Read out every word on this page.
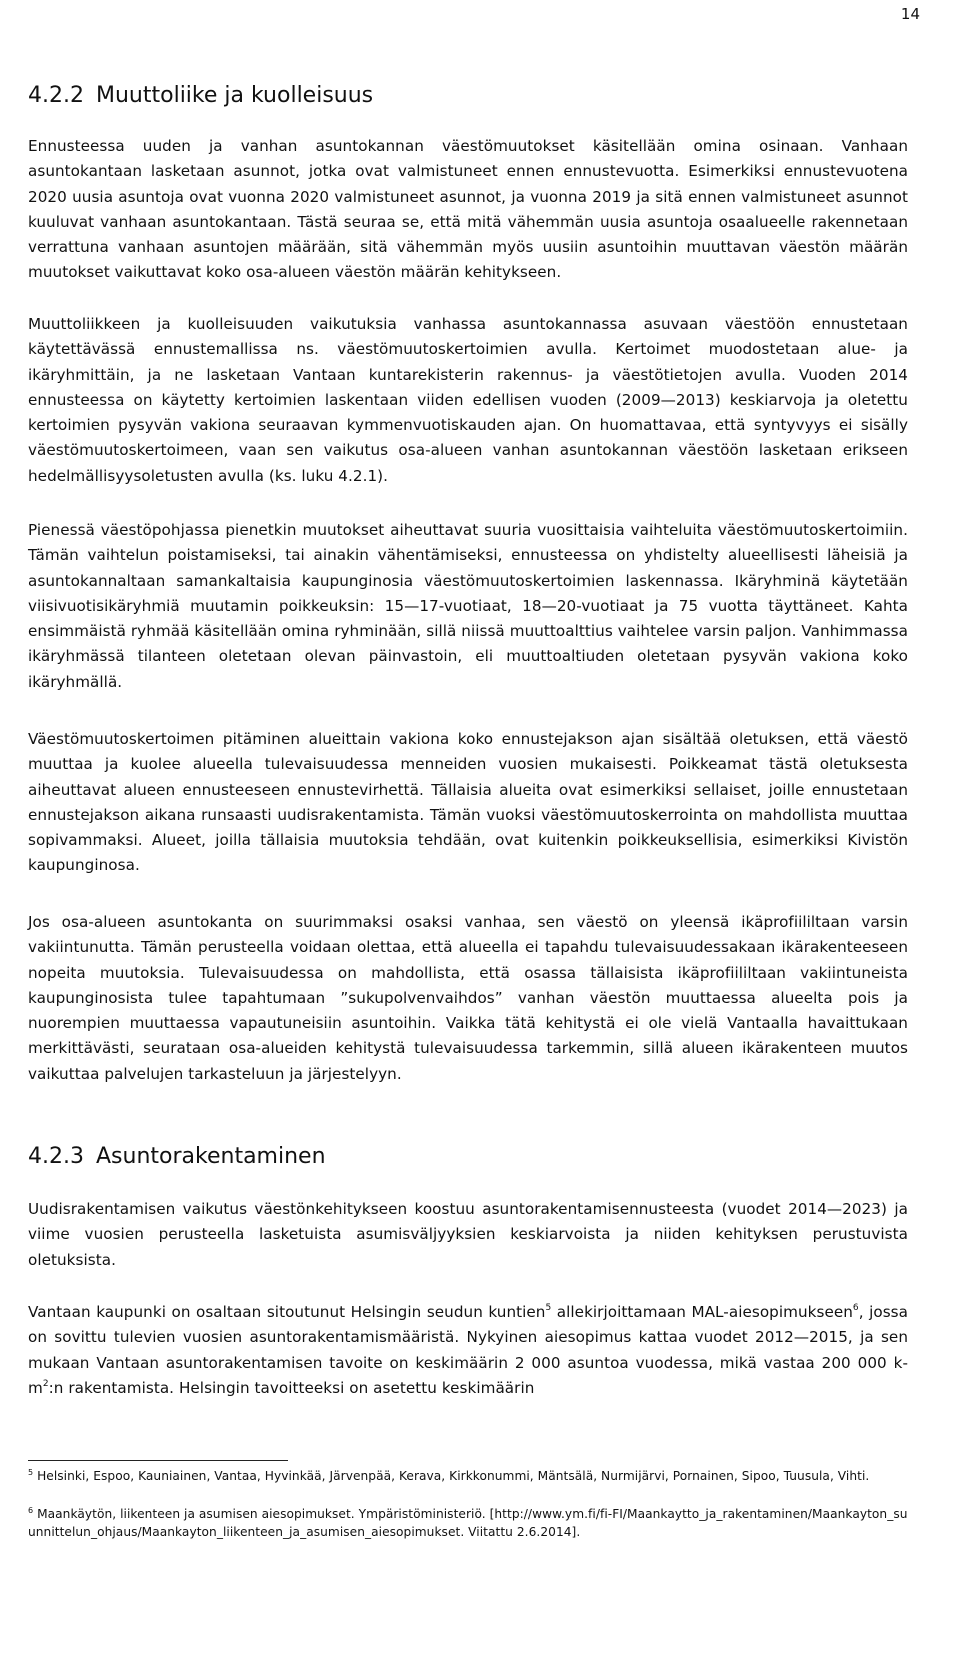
14
4.2.2 Muuttoliike ja kuolleisuus

Ennusteessa uuden ja vanhan asuntokannan väestömuutokset käsitellään omina osinaan. Vanhaan asuntokantaan lasketaan asunnot, jotka ovat valmistuneet ennen ennustevuotta. Esimerkiksi ennustevuotena 2020 uusia asuntoja ovat vuonna 2020 valmistuneet asunnot, ja vuonna 2019 ja sitä ennen valmistuneet asunnot kuuluvat vanhaan asuntokantaan. Tästä seuraa se, että mitä vähemmän uusia asuntoja osaalueelle rakennetaan verrattuna vanhaan asuntojen määrään, sitä vähemmän myös uusiin asuntoihin muuttavan väestön määrän muutokset vaikuttavat koko osa-alueen väestön määrän kehitykseen.

Muuttoliikkeen ja kuolleisuuden vaikutuksia vanhassa asuntokannassa asuvaan väestöön ennustetaan käytettävässä ennustemallissa ns. väestömuutoskertoimien avulla. Kertoimet muodostetaan alue- ja ikäryhmittäin, ja ne lasketaan Vantaan kuntarekisterin rakennus- ja väestötietojen avulla. Vuoden 2014 ennusteessa on käytetty kertoimien laskentaan viiden edellisen vuoden (2009—2013) keskiarvoja ja oletettu kertoimien pysyvän vakiona seuraavan kymmenvuotiskauden ajan. On huomattavaa, että syntyvyys ei sisälly väestömuutoskertoimeen, vaan sen vaikutus osa-alueen vanhan asuntokannan väestöön lasketaan erikseen hedelmällisyysoletusten avulla (ks. luku 4.2.1).

Pienessä väestöpohjassa pienetkin muutokset aiheuttavat suuria vuosittaisia vaihteluita väestömuutoskertoimiin. Tämän vaihtelun poistamiseksi, tai ainakin vähentämiseksi, ennusteessa on yhdistelty alueellisesti läheisiä ja asuntokannaltaan samankaltaisia kaupunginosia väestömuutoskertoimien laskennassa. Ikäryhminä käytetään viisivuotisikäryhmiä muutamin poikkeuksin: 15—17-vuotiaat, 18—20-vuotiaat ja 75 vuotta täyttäneet. Kahta ensimmäistä ryhmää käsitellään omina ryhminään, sillä niissä muuttoalttius vaihtelee varsin paljon. Vanhimmassa ikäryhmässä tilanteen oletetaan olevan päinvastoin, eli muuttoaltiuden oletetaan pysyvän vakiona koko ikäryhmällä.

Väestömuutoskertoimen pitäminen alueittain vakiona koko ennustejakson ajan sisältää oletuksen, että väestö muuttaa ja kuolee alueella tulevaisuudessa menneiden vuosien mukaisesti. Poikkeamat tästä oletuksesta aiheuttavat alueen ennusteeseen ennustevirhettä. Tällaisia alueita ovat esimerkiksi sellaiset, joille ennustetaan ennustejakson aikana runsaasti uudisrakentamista. Tämän vuoksi väestömuutoskerrointa on mahdollista muuttaa sopivammaksi. Alueet, joilla tällaisia muutoksia tehdään, ovat kuitenkin poikkeuksellisia, esimerkiksi Kivistön kaupunginosa.

Jos osa-alueen asuntokanta on suurimmaksi osaksi vanhaa, sen väestö on yleensä ikäprofiililtaan varsin vakiintunutta. Tämän perusteella voidaan olettaa, että alueella ei tapahdu tulevaisuudessakaan ikärakenteeseen nopeita muutoksia. Tulevaisuudessa on mahdollista, että osassa tällaisista ikäprofiililtaan vakiintuneista kaupunginosista tulee tapahtumaan ”sukupolvenvaihdos” vanhan väestön muuttaessa alueelta pois ja nuorempien muuttaessa vapautuneisiin asuntoihin. Vaikka tätä kehitystä ei ole vielä Vantaalla havaittukaan merkittävästi, seurataan osa-alueiden kehitystä tulevaisuudessa tarkemmin, sillä alueen ikärakenteen muutos vaikuttaa palvelujen tarkasteluun ja järjestelyyn.

4.2.3 Asuntorakentaminen

Uudisrakentamisen vaikutus väestönkehitykseen koostuu asuntorakentamisennusteesta (vuodet 2014—2023) ja viime vuosien perusteella lasketuista asumisväljyyksien keskiarvoista ja niiden kehityksen perustuvista oletuksista.

Vantaan kaupunki on osaltaan sitoutunut Helsingin seudun kuntien$^5$ allekirjoittamaan MAL-aiesopimukseen$^6$, jossa on sovittu tulevien vuosien asuntorakentamismääristä. Nykyinen aiesopimus kattaa vuodet 2012—2015, ja sen mukaan Vantaan asuntorakentamisen tavoite on keskimäärin 2 000 asuntoa vuodessa, mikä vastaa 200 000 $k-m^2:n$ rakentamista. Helsingin tavoitteeksi on asetettu keskimäärin

$^5$ Helsinki, Espoo, Kauniainen, Vantaa, Hyvinkää, Järvenpää, Kerava, Kirkkonummi, Mäntsälä, Nurmijärvi, Pornainen, Sipoo, Tuusula, Vihti.

$^6$ Maankäytön, liikenteen ja asumisen aiesopimukset. Ympäristöministeriö. [http://www.ym.fi/fi-FI/Maankaytto_ja_rakentaminen/Maankayton_suunnittelun_ohjaus/Maankayton_liikenteen_ja_asumisen_aiesopimukset. Viitattu 2.6.2014].
